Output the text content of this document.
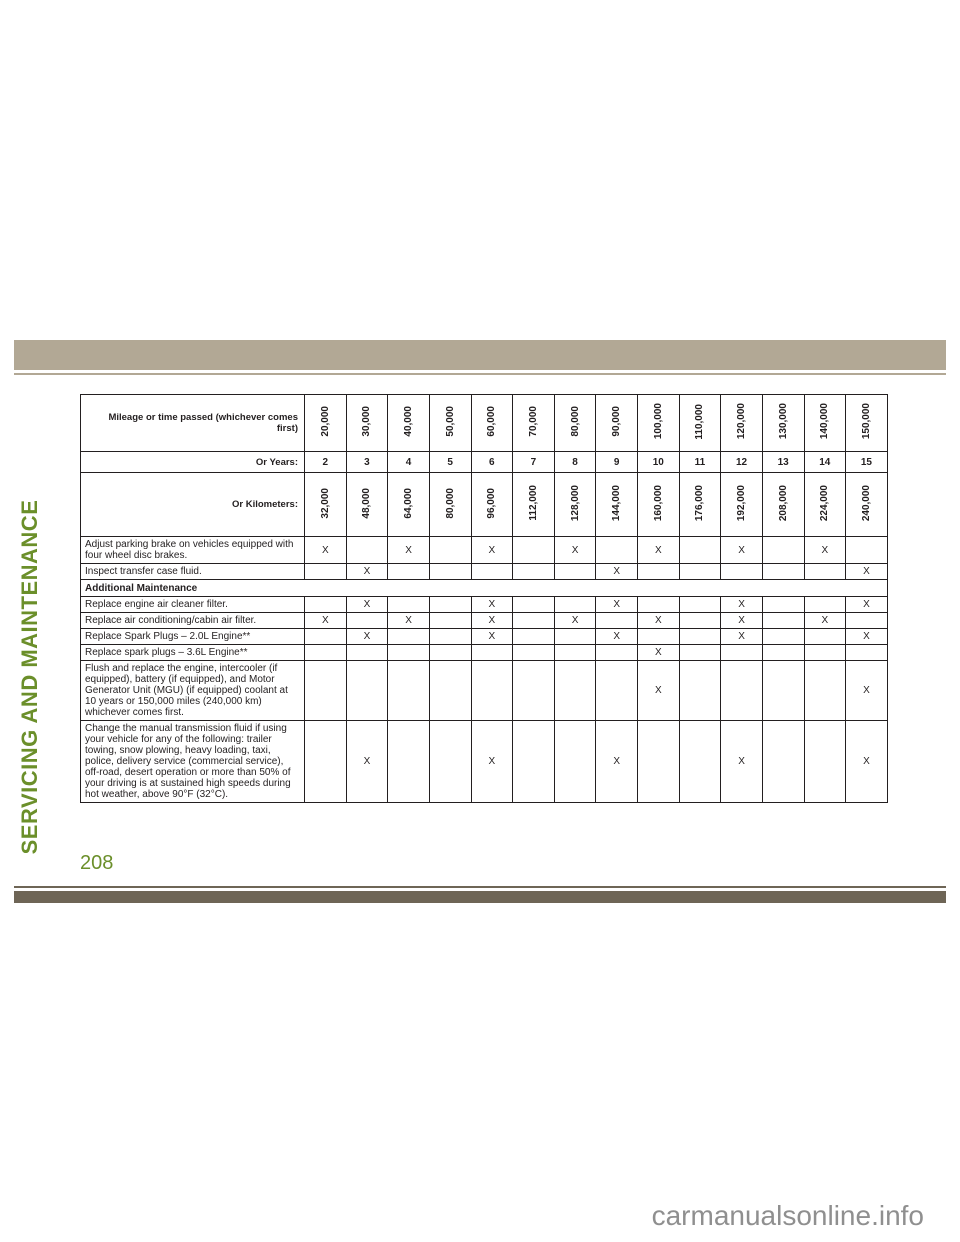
SERVICING AND MAINTENANCE
Mileage or time passed (whichever comes first)	20,000	30,000	40,000	50,000	60,000	70,000	80,000	90,000	100,000	110,000	120,000	130,000	140,000	150,000
Or Years:	2	3	4	5	6	7	8	9	10	11	12	13	14	15
Or Kilometers:	32,000	48,000	64,000	80,000	96,000	112,000	128,000	144,000	160,000	176,000	192,000	208,000	224,000	240,000
Adjust parking brake on vehicles equipped with four wheel disc brakes.	X		X		X		X		X		X		X	
Inspect transfer case fluid.		X						X						X
Additional Maintenance														
Replace engine air cleaner filter.		X			X			X			X			X
Replace air conditioning/cabin air filter.	X		X		X		X		X		X		X	
Replace Spark Plugs – 2.0L Engine**		X			X			X			X			X
Replace spark plugs – 3.6L Engine**									X					
Flush and replace the engine, intercooler (if equipped), battery (if equipped), and Motor Generator Unit (MGU) (if equipped) coolant at 10 years or 150,000 miles (240,000 km) whichever comes first.									X					X
Change the manual transmission fluid if using your vehicle for any of the following: trailer towing, snow plowing, heavy loading, taxi, police, delivery service (commercial service), off-road, desert operation or more than 50% of your driving is at sustained high speeds during hot weather, above 90°F (32°C).		X			X			X			X			X
208
carmanualsonline.info
